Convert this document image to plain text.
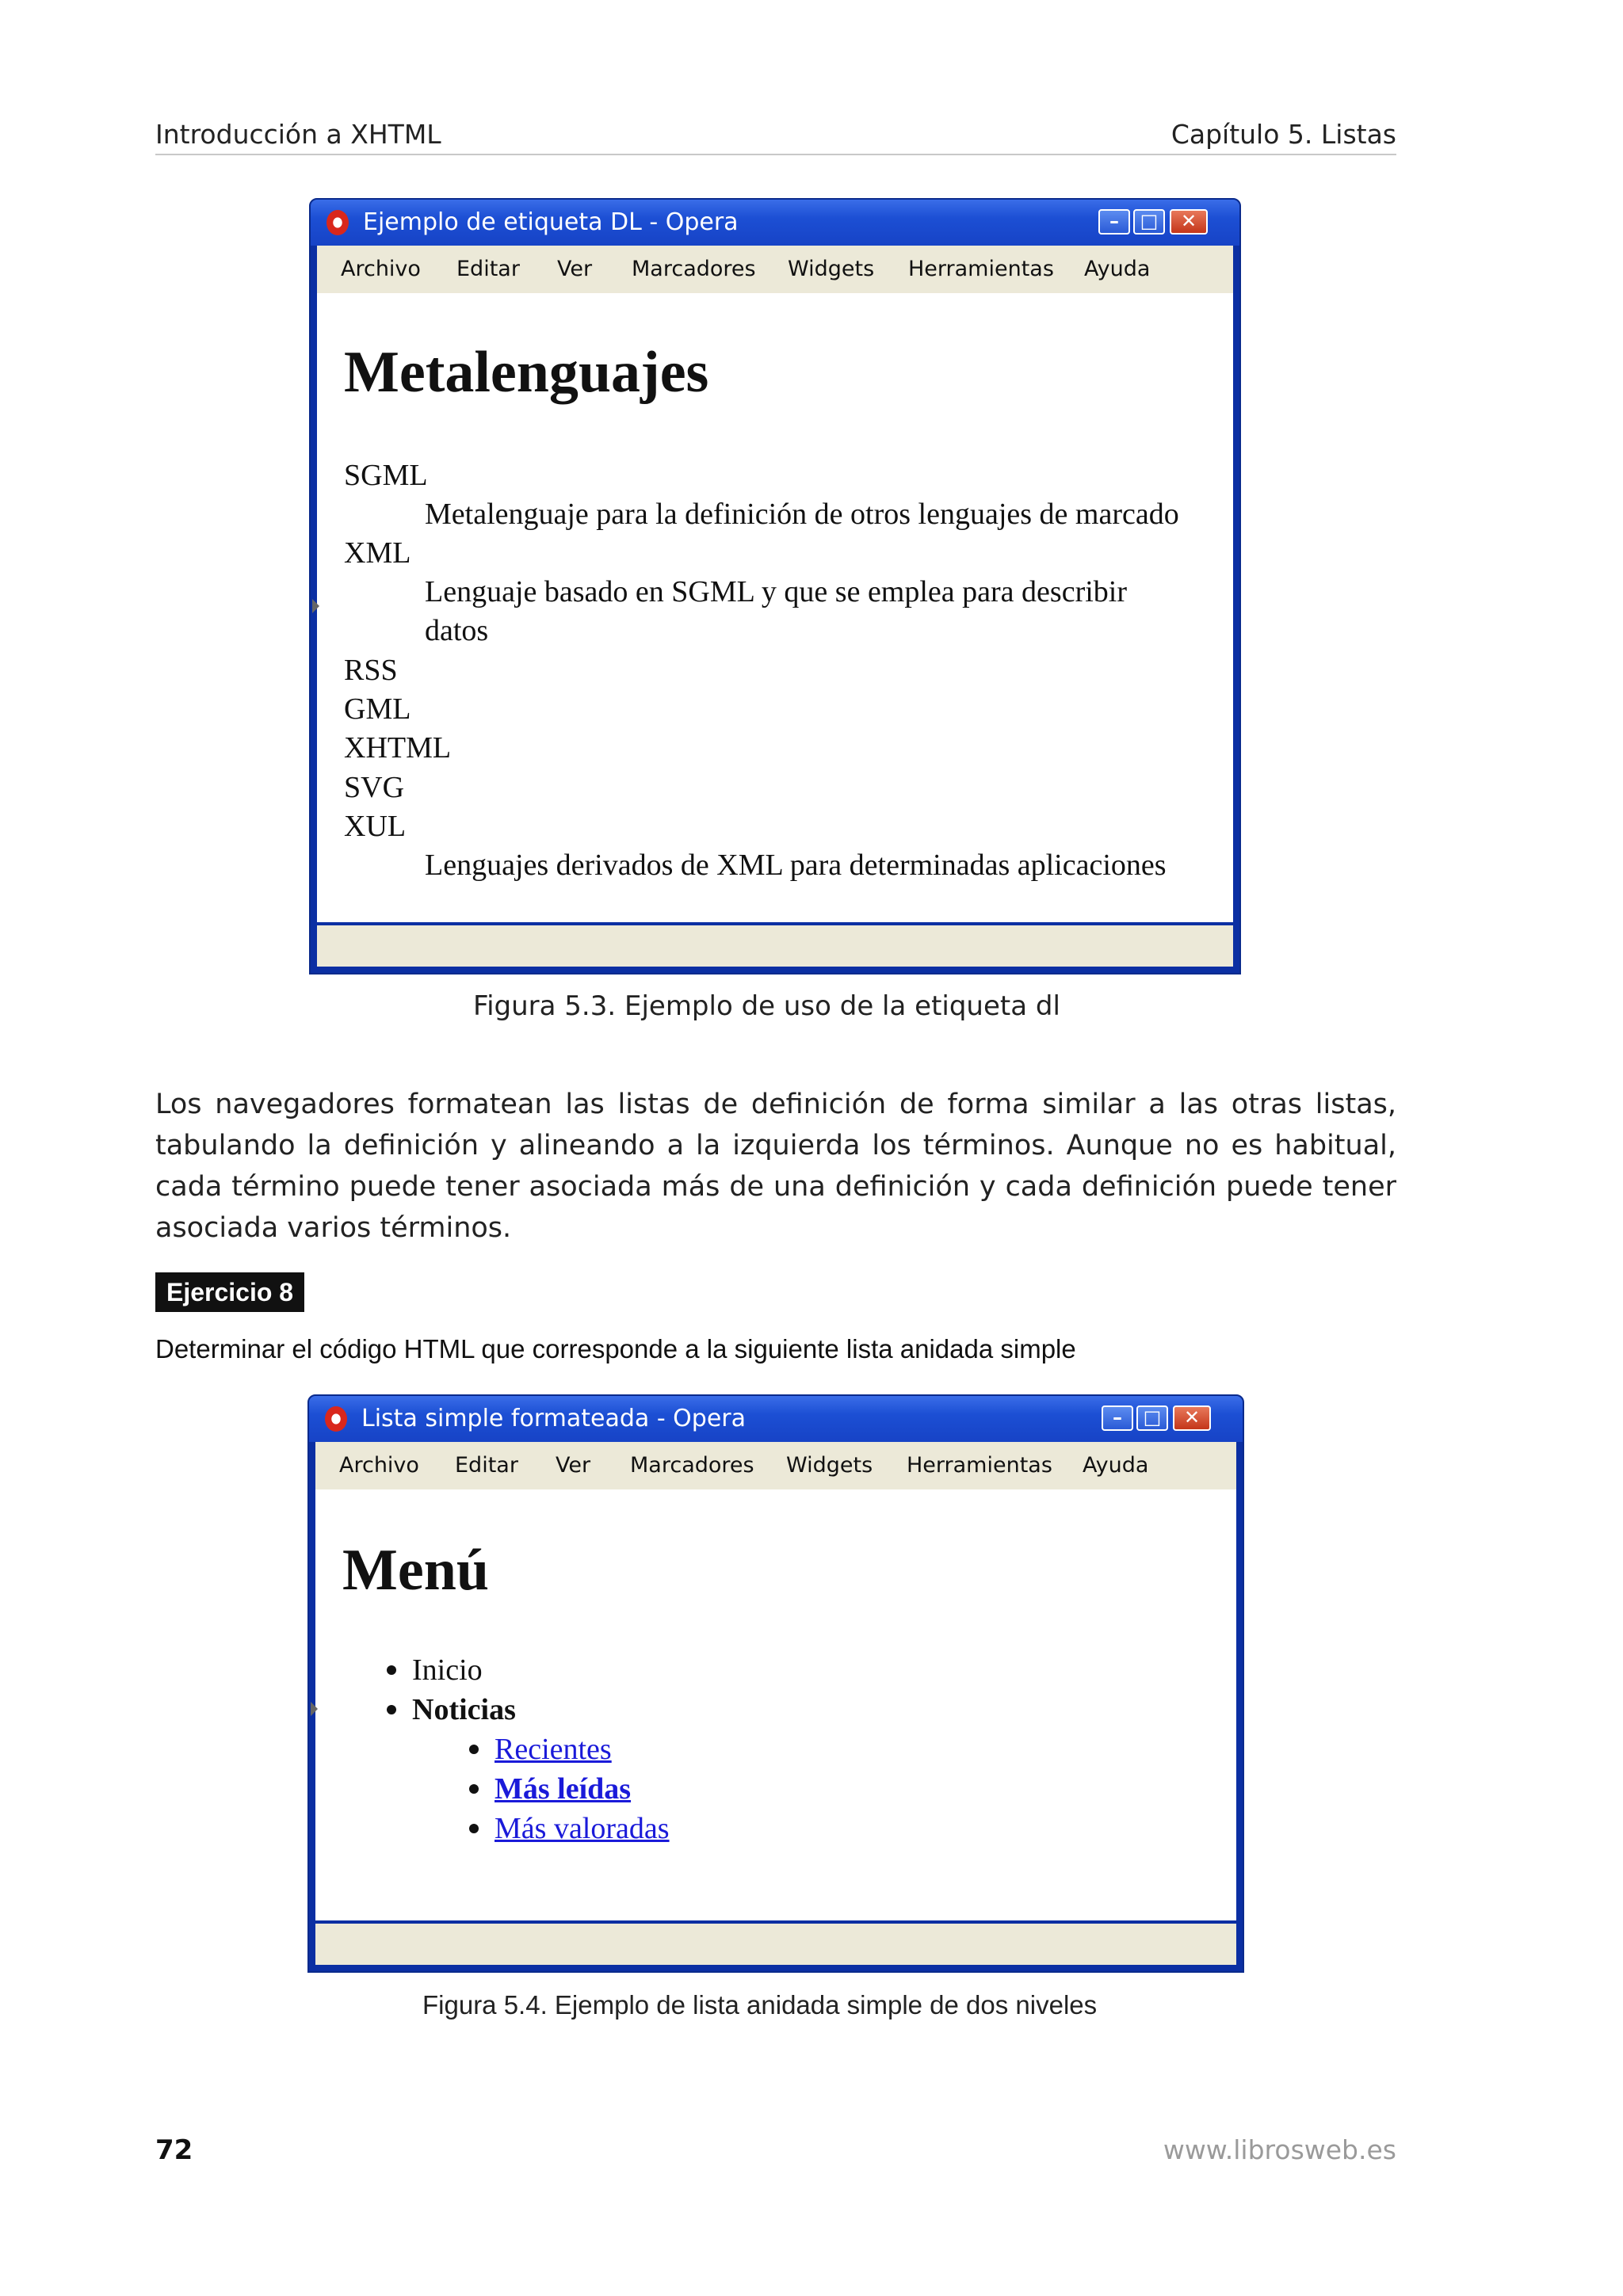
Introducción a XHTML	Capítulo 5. Listas
Ejemplo de etiqueta DL - Opera	–	□	✕
Archivo Editar Ver Marcadores Widgets Herramientas Ayuda
Metalenguajes
SGML
Metalenguaje para la definición de otros lenguajes de marcado
XML
Lenguaje basado en SGML y que se emplea para describir
datos
RSS
GML
XHTML
SVG
XUL
Lenguajes derivados de XML para determinadas aplicaciones
Figura 5.3. Ejemplo de uso de la etiqueta dl
Los navegadores formatean las listas de definición de forma similar a las otras listas, tabulando la definición y alineando a la izquierda los términos. Aunque no es habitual, cada término puede tener asociada más de una definición y cada definición puede tener asociada varios términos.
Ejercicio 8
Determinar el código HTML que corresponde a la siguiente lista anidada simple
Lista simple formateada - Opera	–	□	✕
Archivo Editar Ver Marcadores Widgets Herramientas Ayuda
Menú
Inicio
Noticias
Recientes
Más leídas
Más valoradas
Figura 5.4. Ejemplo de lista anidada simple de dos niveles
72	www.librosweb.es
